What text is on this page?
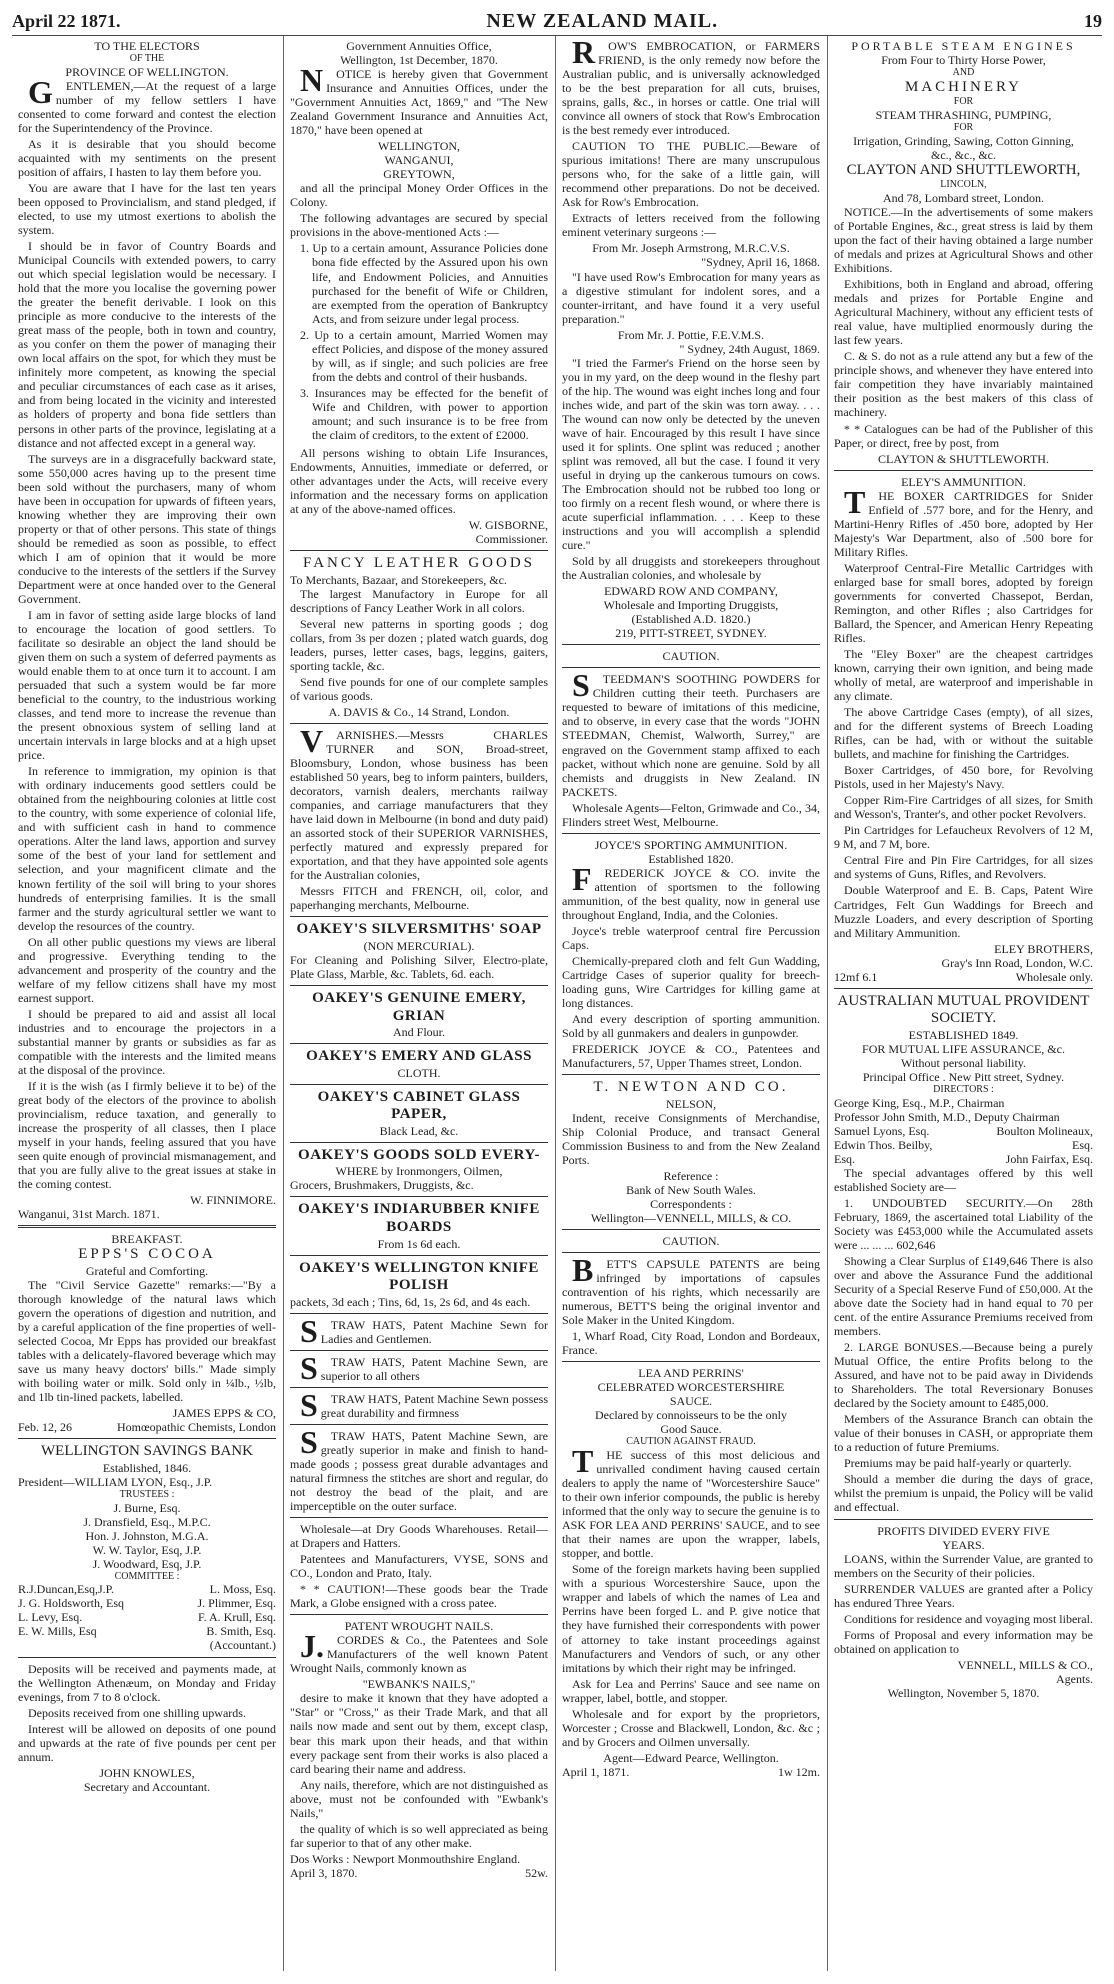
April 22 1871.	NEW ZEALAND MAIL.	19
TO THE ELECTORS
OF THE
PROVINCE OF WELLINGTON.

GENTLEMEN,—At the request of a large number of my fellow settlers I have consented to come forward and contest the election for the Superintendency of the Province.

As it is desirable that you should become acquainted with my sentiments on the present position of affairs, I hasten to lay them before you.

You are aware that I have for the last ten years been opposed to Provincialism, and stand pledged, if elected, to use my utmost exertions to abolish the system.

I should be in favor of Country Boards and Municipal Councils with extended powers, to carry out which special legislation would be necessary. I hold that the more you localise the governing power the greater the benefit derivable. I look on this principle as more conducive to the interests of the great mass of the people, both in town and country, as you confer on them the power of managing their own local affairs on the spot, for which they must be infinitely more competent, as knowing the special and peculiar circumstances of each case as it arises, and from being located in the vicinity and interested as holders of property and bona fide settlers than persons in other parts of the province, legislating at a distance and not affected except in a general way.

The surveys are in a disgracefully backward state, some 550,000 acres having up to the present time been sold without the purchasers, many of whom have been in occupation for upwards of fifteen years, knowing whether they are improving their own property or that of other persons. This state of things should be remedied as soon as possible, to effect which I am of opinion that it would be more conducive to the interests of the settlers if the Survey Department were at once handed over to the General Government.

I am in favor of setting aside large blocks of land to encourage the location of good settlers. To facilitate so desirable an object the land should be given them on such a system of deferred payments as would enable them to at once turn it to account. I am persuaded that such a system would be far more beneficial to the country, to the industrious working classes, and tend more to increase the revenue than the present obnoxious system of selling land at uncertain intervals in large blocks and at a high upset price.

In reference to immigration, my opinion is that with ordinary inducements good settlers could be obtained from the neighbouring colonies at little cost to the country, with some experience of colonial life, and with sufficient cash in hand to commence operations. Alter the land laws, apportion and survey some of the best of your land for settlement and selection, and your magnificent climate and the known fertility of the soil will bring to your shores hundreds of enterprising families. It is the small farmer and the sturdy agricultural settler we want to develop the resources of the country.

On all other public questions my views are liberal and progressive. Everything tending to the advancement and prosperity of the country and the welfare of my fellow citizens shall have my most earnest support.

I should be prepared to aid and assist all local industries and to encourage the projectors in a substantial manner by grants or subsidies as far as compatible with the interests and the limited means at the disposal of the province.

If it is the wish (as I firmly believe it to be) of the great body of the electors of the province to abolish provincialism, reduce taxation, and generally to increase the prosperity of all classes, then I place myself in your hands, feeling assured that you have seen quite enough of provincial mismanagement, and that you are fully alive to the great issues at stake in the coming contest.

W. FINNIMORE.
Wanganui, 31st March. 1871.
BREAKFAST.
EPPS'S COCOA
Grateful and Comforting.

The "Civil Service Gazette" remarks:—"By a thorough knowledge of the natural laws which govern the operations of digestion and nutrition, and by a careful application of the fine properties of well-selected Cocoa, Mr Epps has provided our breakfast tables with a delicately-flavored beverage which may save us many heavy doctors' bills." Made simply with boiling water or milk. Sold only in ¼lb., ½lb, and 1lb tin-lined packets, labelled.

JAMES EPPS & CO,
Feb. 12, 26	Homœopathic Chemists, London
WELLINGTON SAVINGS BANK
Established, 1846.
President—WILLIAM LYON, Esq., J.P.
TRUSTEES :
J. Burne, Esq.
J. Dransfield, Esq., M.P.C.
Hon. J. Johnston, M.G.A.
W. W. Taylor, Esq, J.P.
J. Woodward, Esq, J.P.
COMMITTEE :
R.J.Duncan,Esq,J.P.	L. Moss, Esq.
J. G. Holdsworth, Esq	J. Plimmer, Esq.
L. Levy, Esq.	F. A. Krull, Esq.
E. W. Mills, Esq	B. Smith, Esq.
(Accountant.)

Deposits will be received and payments made, at the Wellington Athenæum, on Monday and Friday evenings, from 7 to 8 o'clock.

Deposits received from one shilling upwards.

Interest will be allowed on deposits of one pound and upwards at the rate of five pounds per cent per annum.

JOHN KNOWLES,
Secretary and Accountant.
Government Annuities Office,
Wellington, 1st December, 1870.

NOTICE is hereby given that Government Insurance and Annuities Offices, under the "Government Annuities Act, 1869," and "The New Zealand Government Insurance and Annuities Act, 1870," have been opened at

WELLINGTON,
WANGANUI,
GREYTOWN,

and all the principal Money Order Offices in the Colony.

The following advantages are secured by special provisions in the above-mentioned Acts :—

1. Up to a certain amount, Assurance Policies done bona fide effected by the Assured upon his own life, and Endowment Policies, and Annuities purchased for the benefit of Wife or Children, are exempted from the operation of Bankruptcy Acts, and from seizure under legal process.
2. Up to a certain amount, Married Women may effect Policies, and dispose of the money assured by will, as if single; and such policies are free from the debts and control of their husbands.
3. Insurances may be effected for the benefit of Wife and Children, with power to apportion amount; and such insurance is to be free from the claim of creditors, to the extent of £2000.

All persons wishing to obtain Life Insurances, Endowments, Annuities, immediate or deferred, or other advantages under the Acts, will receive every information and the necessary forms on application at any of the above-named offices.

W. GISBORNE,
Commissioner.
FANCY LEATHER GOODS
To Merchants, Bazaar, and Storekeepers, &c.

The largest Manufactory in Europe for all descriptions of Fancy Leather Work in all colors.

Several new patterns in sporting goods ; dog collars, from 3s per dozen ; plated watch guards, dog leaders, purses, letter cases, bags, leggins, gaiters, sporting tackle, &c.

Send five pounds for one of our complete samples of various goods.

A. DAVIS & Co., 14 Strand, London.

VARNISHES.—Messrs CHARLES TURNER and SON, Broad-street, Bloomsbury, London, whose business has been established 50 years, beg to inform painters, builders, decorators, varnish dealers, merchants railway companies, and carriage manufacturers that they have laid down in Melbourne (in bond and duty paid) an assorted stock of their SUPERIOR VARNISHES, perfectly matured and expressly prepared for exportation, and that they have appointed sole agents for the Australian colonies,

Messrs FITCH and FRENCH, oil, color, and paperhanging merchants, Melbourne.

OAKEY'S SILVERSMITHS' SOAP
(NON MERCURIAL).

For Cleaning and Polishing Silver, Electro-plate, Plate Glass, Marble, &c. Tablets, 6d. each.

OAKEY'S GENUINE EMERY, GRIAN
And Flour.
OAKEY'S EMERY AND GLASS
CLOTH.
OAKEY'S CABINET GLASS PAPER,
Black Lead, &c.
OAKEY'S GOODS SOLD EVERY-
WHERE by Ironmongers, Oilmen,

Grocers, Brushmakers, Druggists, &c.

OAKEY'S INDIARUBBER KNIFE BOARDS
From 1s 6d each.
OAKEY'S WELLINGTON KNIFE POLISH

packets, 3d each ; Tins, 6d, 1s, 2s 6d, and 4s each.

STRAW HATS, Patent Machine Sewn for Ladies and Gentlemen.

STRAW HATS, Patent Machine Sewn, are superior to all others

STRAW HATS, Patent Machine Sewn possess great durability and firmness

STRAW HATS, Patent Machine Sewn, are greatly superior in make and finish to hand-made goods ; possess great durable advantages and natural firmness the stitches are short and regular, do not destroy the bead of the plait, and are imperceptible on the outer surface.

Wholesale—at Dry Goods Wharehouses. Retail—at Drapers and Hatters.

Patentees and Manufacturers, VYSE, SONS and CO., London and Prato, Italy.

* * CAUTION!—These goods bear the Trade Mark, a Globe ensigned with a cross patee.

PATENT WROUGHT NAILS.

J.CORDES & Co., the Patentees and Sole Manufacturers of the well known Patent Wrought Nails, commonly known as

"EWBANK'S NAILS,"

desire to make it known that they have adopted a "Star" or "Cross," as their Trade Mark, and that all nails now made and sent out by them, except clasp, bear this mark upon their heads, and that within every package sent from their works is also placed a card bearing their name and address.

Any nails, therefore, which are not distinguished as above, must not be confounded with "Ewbank's Nails,"

the quality of which is so well appreciated as being far superior to that of any other make.

Dos Works : Newport Monmouthshire England.
April 3, 1870.	52w.

ROW'S EMBROCATION, or FARMERS FRIEND, is the only remedy now before the Australian public, and is universally acknowledged to be the best preparation for all cuts, bruises, sprains, galls, &c., in horses or cattle. One trial will convince all owners of stock that Row's Embrocation is the best remedy ever introduced.

CAUTION TO THE PUBLIC.—Beware of spurious imitations! There are many unscrupulous persons who, for the sake of a little gain, will recommend other preparations. Do not be deceived. Ask for Row's Embrocation.

Extracts of letters received from the following eminent veterinary surgeons :—

From Mr. Joseph Armstrong, M.R.C.V.S.
"Sydney, April 16, 1868.

"I have used Row's Embrocation for many years as a digestive stimulant for indolent sores, and a counter-irritant, and have found it a very useful preparation."

From Mr. J. Pottie, F.E.V.M.S.
" Sydney, 24th August, 1869.

"I tried the Farmer's Friend on the horse seen by you in my yard, on the deep wound in the fleshy part of the hip. The wound was eight inches long and four inches wide, and part of the skin was torn away. . . . The wound can now only be detected by the uneven wave of hair. Encouraged by this result I have since used it for splints. One splint was reduced ; another splint was removed, all but the case. I found it very useful in drying up the cankerous tumours on cows. The Embrocation should not be rubbed too long or too firmly on a recent flesh wound, or where there is acute superficial inflammation. . . . Keep to these instructions and you will accomplish a splendid cure."

Sold by all druggists and storekeepers throughout the Australian colonies, and wholesale by

EDWARD ROW AND COMPANY,
Wholesale and Importing Druggists,
(Established A.D. 1820.)
219, PITT-STREET, SYDNEY.
CAUTION.

STEEDMAN'S SOOTHING POWDERS for Children cutting their teeth. Purchasers are requested to beware of imitations of this medicine, and to observe, in every case that the words "JOHN STEEDMAN, Chemist, Walworth, Surrey," are engraved on the Government stamp affixed to each packet, without which none are genuine. Sold by all chemists and druggists in New Zealand. IN PACKETS.

Wholesale Agents—Felton, Grimwade and Co., 34, Flinders street West, Melbourne.

JOYCE'S SPORTING AMMUNITION.
Established 1820.

FREDERICK JOYCE & CO. invite the attention of sportsmen to the following ammunition, of the best quality, now in general use throughout England, India, and the Colonies.

Joyce's treble waterproof central fire Percussion Caps.

Chemically-prepared cloth and felt Gun Wadding, Cartridge Cases of superior quality for breech-loading guns, Wire Cartridges for killing game at long distances.

And every description of sporting ammunition. Sold by all gunmakers and dealers in gunpowder.

FREDERICK JOYCE & CO., Patentees and Manufacturers, 57, Upper Thames street, London.

T. NEWTON AND CO.
NELSON,

Indent, receive Consignments of Merchandise, Ship Colonial Produce, and transact General Commission Business to and from the New Zealand Ports.

Reference :
Bank of New South Wales.
Correspondents :
Wellington—VENNELL, MILLS, & CO.
CAUTION.

BETT'S CAPSULE PATENTS are being infringed by importations of capsules contravention of his rights, which necessarily are numerous, BETT'S being the original inventor and Sole Maker in the United Kingdom.

1, Wharf Road, City Road, London and Bordeaux, France.

LEA AND PERRINS'
CELEBRATED WORCESTERSHIRE
SAUCE.
Declared by connoisseurs to be the only
Good Sauce.
CAUTION AGAINST FRAUD.

THE success of this most delicious and unrivalled condiment having caused certain dealers to apply the name of "Worcestershire Sauce" to their own inferior compounds, the public is hereby informed that the only way to secure the genuine is to ASK FOR LEA AND PERRINS' SAUCE, and to see that their names are upon the wrapper, labels, stopper, and bottle.

Some of the foreign markets having been supplied with a spurious Worcestershire Sauce, upon the wrapper and labels of which the names of Lea and Perrins have been forged L. and P. give notice that they have furnished their correspondents with power of attorney to take instant proceedings against Manufacturers and Vendors of such, or any other imitations by which their right may be infringed.

Ask for Lea and Perrins' Sauce and see name on wrapper, label, bottle, and stopper.

Wholesale and for export by the proprietors, Worcester ; Crosse and Blackwell, London, &c. &c ; and by Grocers and Oilmen unversally.

Agent—Edward Pearce, Wellington.
April 1, 1871.	1w 12m.
PORTABLE STEAM ENGINES
From Four to Thirty Horse Power,
AND
MACHINERY
FOR
STEAM THRASHING, PUMPING,
FOR
Irrigation, Grinding, Sawing, Cotton Ginning,
&c., &c., &c.
CLAYTON AND SHUTTLEWORTH,
LINCOLN,
And 78, Lombard street, London.

NOTICE.—In the advertisements of some makers of Portable Engines, &c., great stress is laid by them upon the fact of their having obtained a large number of medals and prizes at Agricultural Shows and other Exhibitions.

Exhibitions, both in England and abroad, offering medals and prizes for Portable Engine and Agricultural Machinery, without any efficient tests of real value, have multiplied enormously during the last few years.

C. & S. do not as a rule attend any but a few of the principle shows, and whenever they have entered into fair competition they have invariably maintained their position as the best makers of this class of machinery.

* * Catalogues can be had of the Publisher of this Paper, or direct, free by post, from

CLAYTON & SHUTTLEWORTH.
ELEY'S AMMUNITION.

THE BOXER CARTRIDGES for Snider Enfield of .577 bore, and for the Henry, and Martini-Henry Rifles of .450 bore, adopted by Her Majesty's War Department, also of .500 bore for Military Rifles.

Waterproof Central-Fire Metallic Cartridges with enlarged base for small bores, adopted by foreign governments for converted Chassepot, Berdan, Remington, and other Rifles ; also Cartridges for Ballard, the Spencer, and American Henry Repeating Rifles.

The "Eley Boxer" are the cheapest cartridges known, carrying their own ignition, and being made wholly of metal, are waterproof and imperishable in any climate.

The above Cartridge Cases (empty), of all sizes, and for the different systems of Breech Loading Rifles, can be had, with or without the suitable bullets, and machine for finishing the Cartridges.

Boxer Cartridges, of 450 bore, for Revolving Pistols, used in her Majesty's Navy.

Copper Rim-Fire Cartridges of all sizes, for Smith and Wesson's, Tranter's, and other pocket Revolvers.

Pin Cartridges for Lefaucheux Revolvers of 12 M, 9 M, and 7 M, bore.

Central Fire and Pin Fire Cartridges, for all sizes and systems of Guns, Rifles, and Revolvers.

Double Waterproof and E. B. Caps, Patent Wire Cartridges, Felt Gun Waddings for Breech and Muzzle Loaders, and every description of Sporting and Military Ammunition.

ELEY BROTHERS,
Gray's Inn Road, London, W.C.
12mf 6.1	Wholesale only.
AUSTRALIAN MUTUAL PROVIDENT
SOCIETY.
ESTABLISHED 1849.
FOR MUTUAL LIFE ASSURANCE, &c.
Without personal liability.
Principal Office . New Pitt street, Sydney.
DIRECTORS :
George King, Esq., M.P., Chairman
Professor John Smith, M.D., Deputy Chairman
Samuel Lyons, Esq.	Boulton Molineaux,
Edwin Thos. Beilby,	Esq.
Esq.	John Fairfax, Esq.

The special advantages offered by this well established Society are—

1. UNDOUBTED SECURITY.—On 28th February, 1869, the ascertained total Liability of the Society was £453,000 while the Accumulated assets were ... ... ... 602,646

Showing a Clear Surplus of £149,646 There is also over and above the Assurance Fund the additional Security of a Special Reserve Fund of £50,000. At the above date the Society had in hand equal to 70 per cent. of the entire Assurance Premiums received from members.

2. LARGE BONUSES.—Because being a purely Mutual Office, the entire Profits belong to the Assured, and have not to be paid away in Dividends to Shareholders. The total Reversionary Bonuses declared by the Society amount to £485,000.

Members of the Assurance Branch can obtain the value of their bonuses in CASH, or appropriate them to a reduction of future Premiums.

Premiums may be paid half-yearly or quarterly.

Should a member die during the days of grace, whilst the premium is unpaid, the Policy will be valid and effectual.

PROFITS DIVIDED EVERY FIVE
YEARS.

LOANS, within the Surrender Value, are granted to members on the Security of their policies.

SURRENDER VALUES are granted after a Policy has endured Three Years.

Conditions for residence and voyaging most liberal.

Forms of Proposal and every information may be obtained on application to

VENNELL, MILLS & CO.,
Agents.
Wellington, November 5, 1870.
